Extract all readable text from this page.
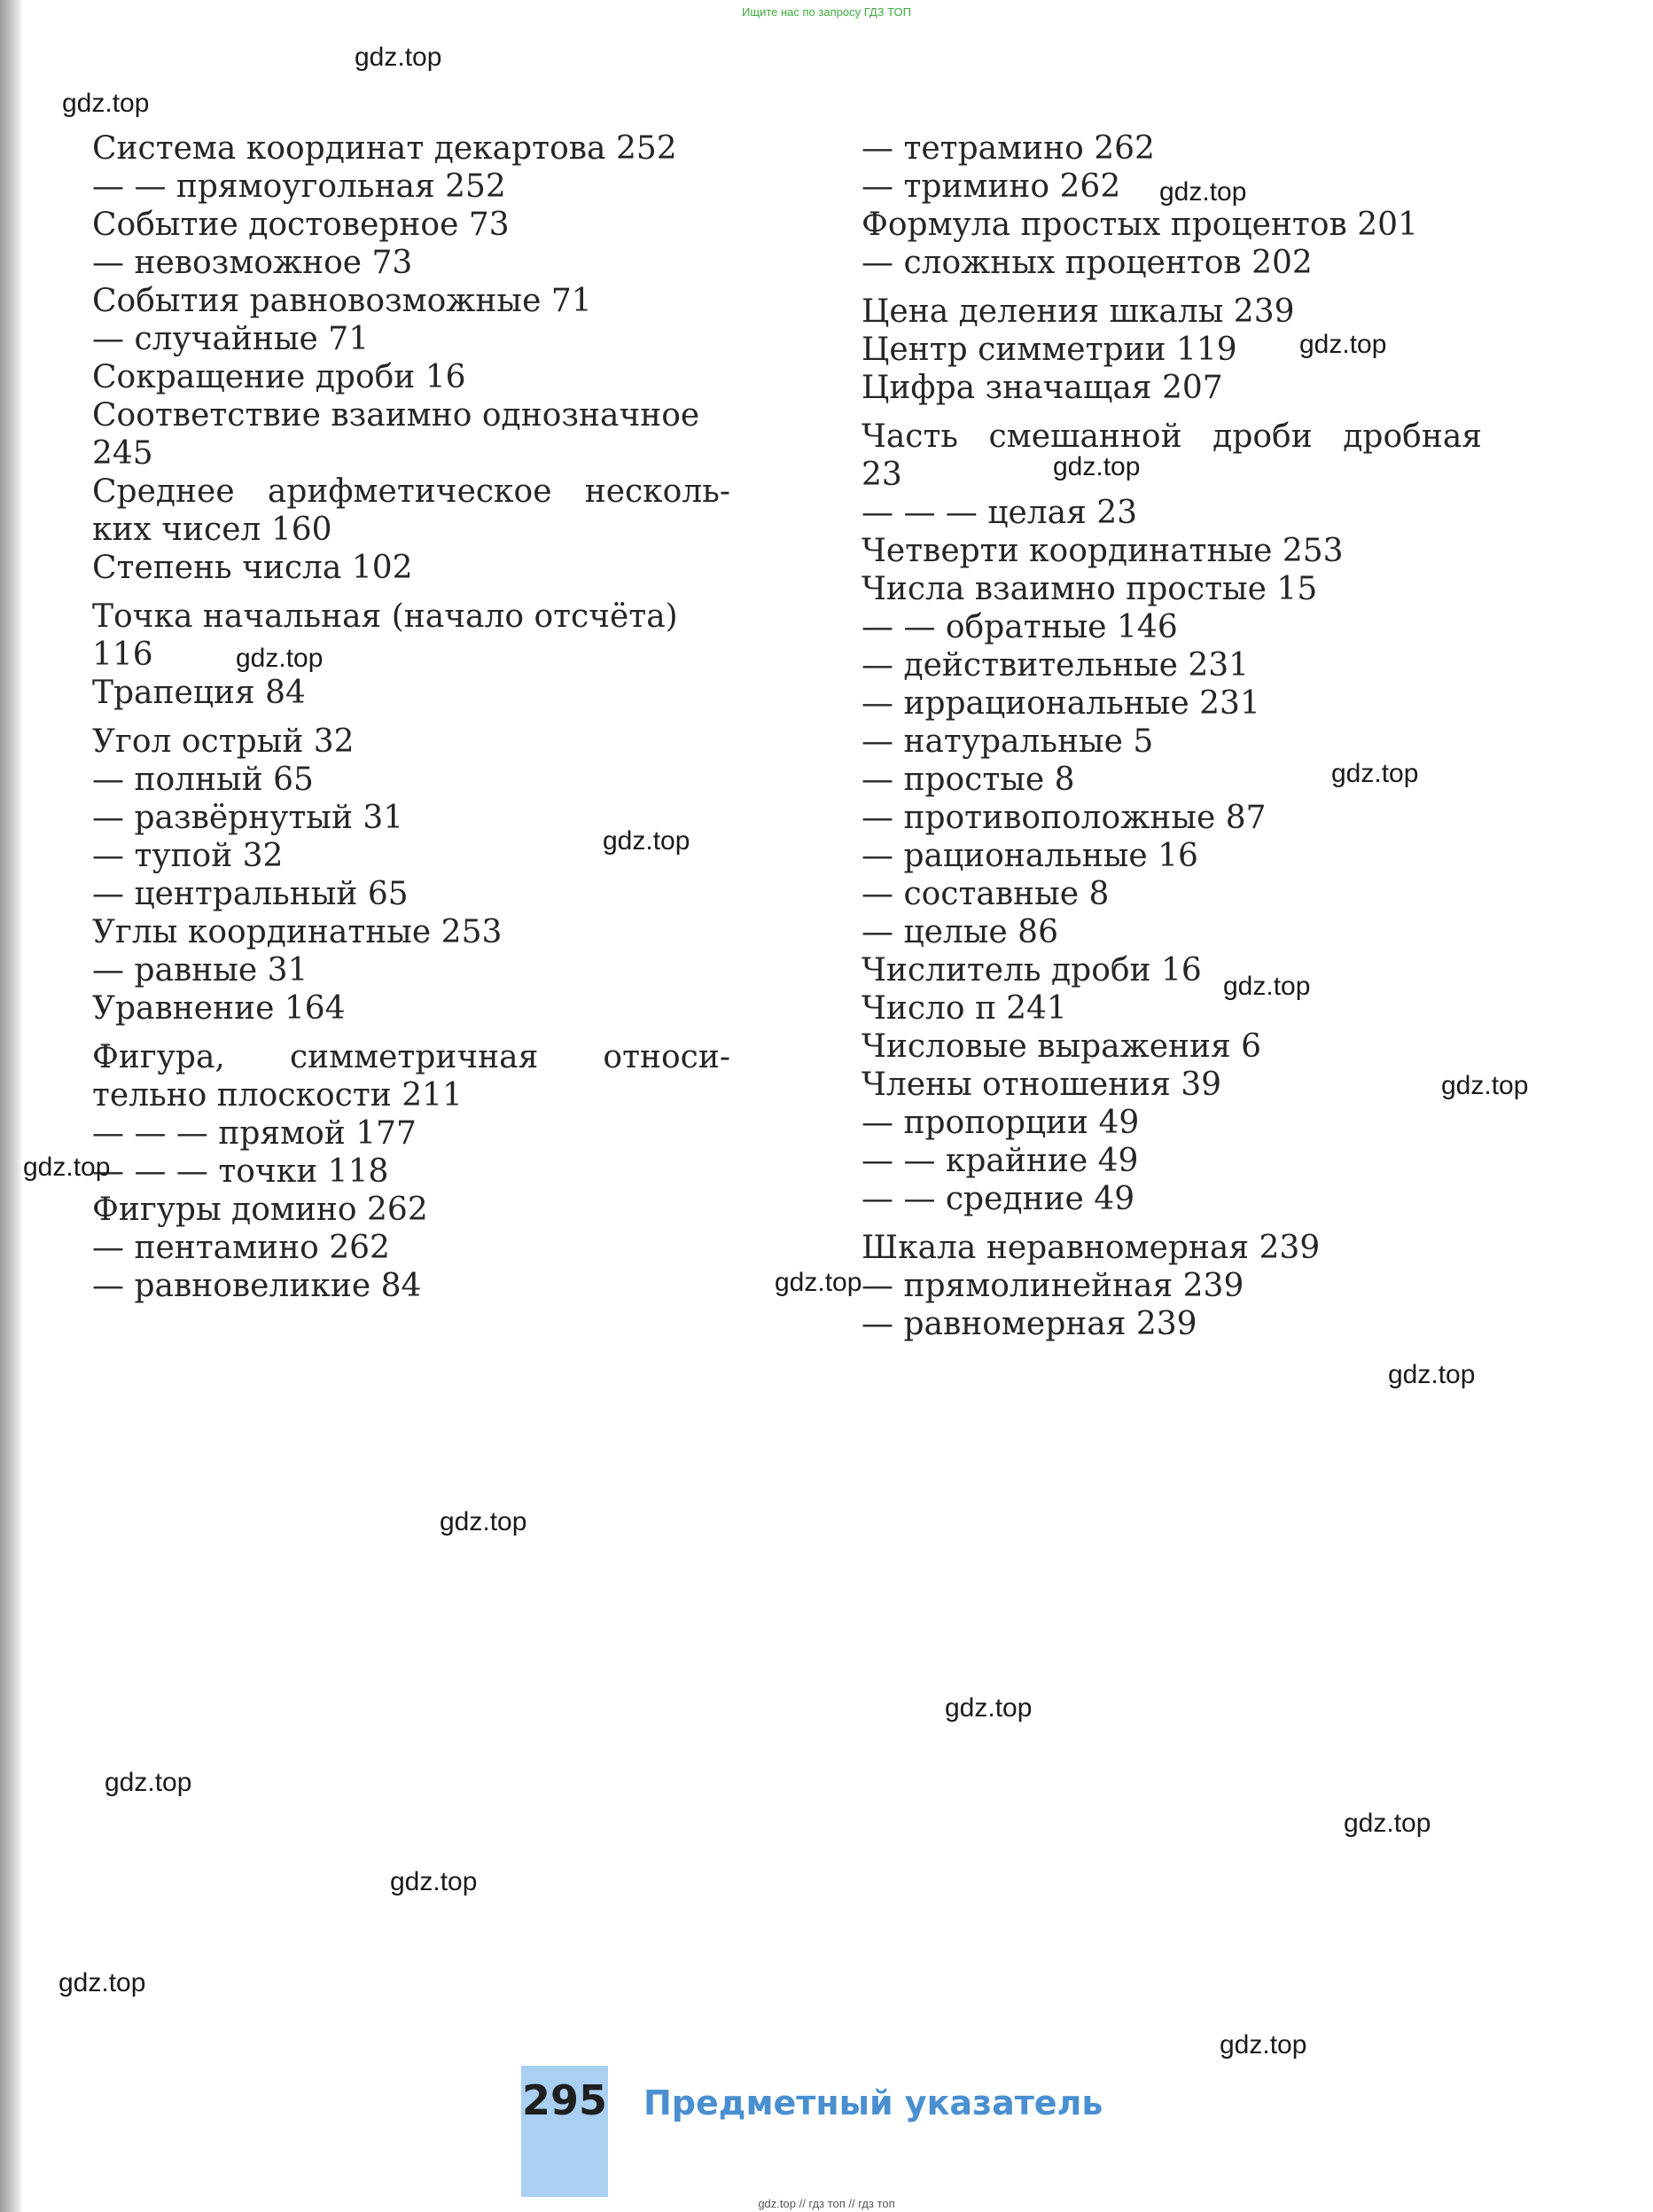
Ищите нас по запросу ГДЗ ТОП
Система координат декартова 252
— — прямоугольная 252
Событие достоверное 73
— невозможное 73
События равновозможные 71
— случайные 71
Сокращение дроби 16
Соответствие взаимно однозначное
245
Среднее арифметическое несколь-
ких чисел 160
Степень числа 102
Точка начальная (начало отсчёта)
116
Трапеция 84
Угол острый 32
— полный 65
— развёрнутый 31
— тупой 32
— центральный 65
Углы координатные 253
— равные 31
Уравнение 164
Фигура, симметричная относи-
тельно плоскости 211
— — — прямой 177
— — — точки 118
Фигуры домино 262
— пентамино 262
— равновеликие 84
— тетрамино 262
— тримино 262
Формула простых процентов 201
— сложных процентов 202
Цена деления шкалы 239
Центр симметрии 119
Цифра значащая 207
Часть смешанной дроби дробная
23
— — — целая 23
Четверти координатные 253
Числа взаимно простые 15
— — обратные 146
— действительные 231
— иррациональные 231
— натуральные 5
— простые 8
— противоположные 87
— рациональные 16
— составные 8
— целые 86
Числитель дроби 16
Число π 241
Числовые выражения 6
Члены отношения 39
— пропорции 49
— — крайние 49
— — средние 49
Шкала неравномерная 239
— прямолинейная 239
— равномерная 239
gdz.top
gdz.top
gdz.top
gdz.top
gdz.top
gdz.top
gdz.top
gdz.top
gdz.top
gdz.top
gdz.top
gdz.top
gdz.top
gdz.top
gdz.top
gdz.top
gdz.top
gdz.top
gdz.top
gdz.top
295 Предметный указатель
gdz.top // гдз топ // гдз топ
